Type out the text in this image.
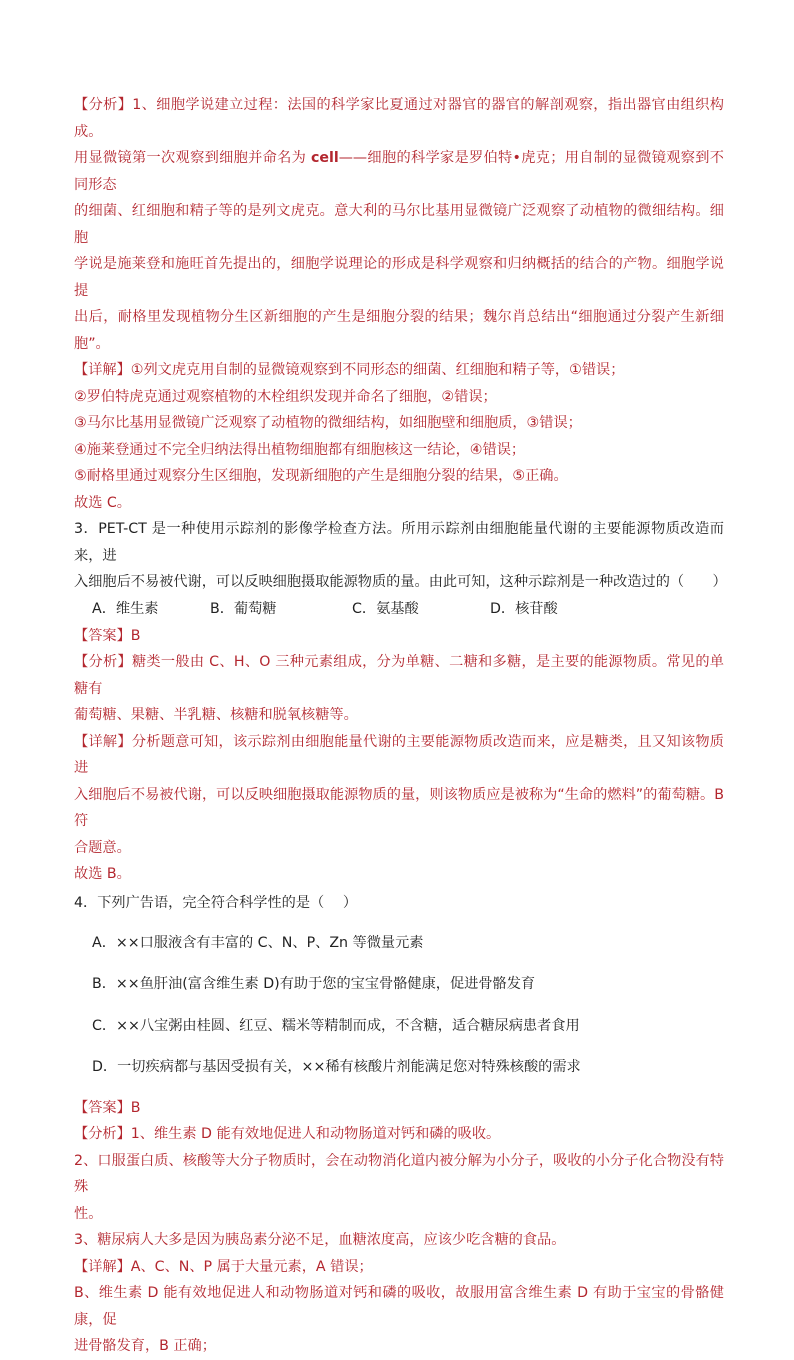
【分析】1、细胞学说建立过程：法国的科学家比夏通过对器官的器官的解剖观察，指出器官由组织构成。

用显微镜第一次观察到细胞并命名为 cell——细胞的科学家是罗伯特•虎克；用自制的显微镜观察到不同形态

的细菌、红细胞和精子等的是列文虎克。意大利的马尔比基用显微镜广泛观察了动植物的微细结构。细胞

学说是施莱登和施旺首先提出的，细胞学说理论的形成是科学观察和归纳概括的结合的产物。细胞学说提

出后，耐格里发现植物分生区新细胞的产生是细胞分裂的结果；魏尔肖总结出“细胞通过分裂产生新细胞”。

【详解】①列文虎克用自制的显微镜观察到不同形态的细菌、红细胞和精子等，①错误；

②罗伯特虎克通过观察植物的木栓组织发现并命名了细胞，②错误；

③马尔比基用显微镜广泛观察了动植物的微细结构，如细胞壁和细胞质，③错误；

④施莱登通过不完全归纳法得出植物细胞都有细胞核这一结论，④错误；

⑤耐格里通过观察分生区细胞，发现新细胞的产生是细胞分裂的结果，⑤正确。

故选 C。

3．PET-CT 是一种使用示踪剂的影像学检查方法。所用示踪剂由细胞能量代谢的主要能源物质改造而来，进

入细胞后不易被代谢，可以反映细胞摄取能源物质的量。由此可知，这种示踪剂是一种改造过的（　　）

A．维生素	B．葡萄糖	C．氨基酸	D．核苷酸

【答案】B

【分析】糖类一般由 C、H、O 三种元素组成，分为单糖、二糖和多糖，是主要的能源物质。常见的单糖有

葡萄糖、果糖、半乳糖、核糖和脱氧核糖等。

【详解】分析题意可知，该示踪剂由细胞能量代谢的主要能源物质改造而来，应是糖类，且又知该物质进

入细胞后不易被代谢，可以反映细胞摄取能源物质的量，则该物质应是被称为“生命的燃料”的葡萄糖。B 符

合题意。

故选 B。

4．下列广告语，完全符合科学性的是（　 ）

A．××口服液含有丰富的 C、N、P、Zn 等微量元素

B．××鱼肝油(富含维生素 D)有助于您的宝宝骨骼健康，促进骨骼发育

C．××八宝粥由桂圆、红豆、糯米等精制而成，不含糖，适合糖尿病患者食用

D．一切疾病都与基因受损有关，××稀有核酸片剂能满足您对特殊核酸的需求

【答案】B

【分析】1、维生素 D 能有效地促进人和动物肠道对钙和磷的吸收。

2、口服蛋白质、核酸等大分子物质时，会在动物消化道内被分解为小分子，吸收的小分子化合物没有特殊

性。

3、糖尿病人大多是因为胰岛素分泌不足，血糖浓度高，应该少吃含糖的食品。

【详解】A、C、N、P 属于大量元素，A 错误；

B、维生素 D 能有效地促进人和动物肠道对钙和磷的吸收，故服用富含维生素 D 有助于宝宝的骨骼健康，促

进骨骼发育，B 正确；
